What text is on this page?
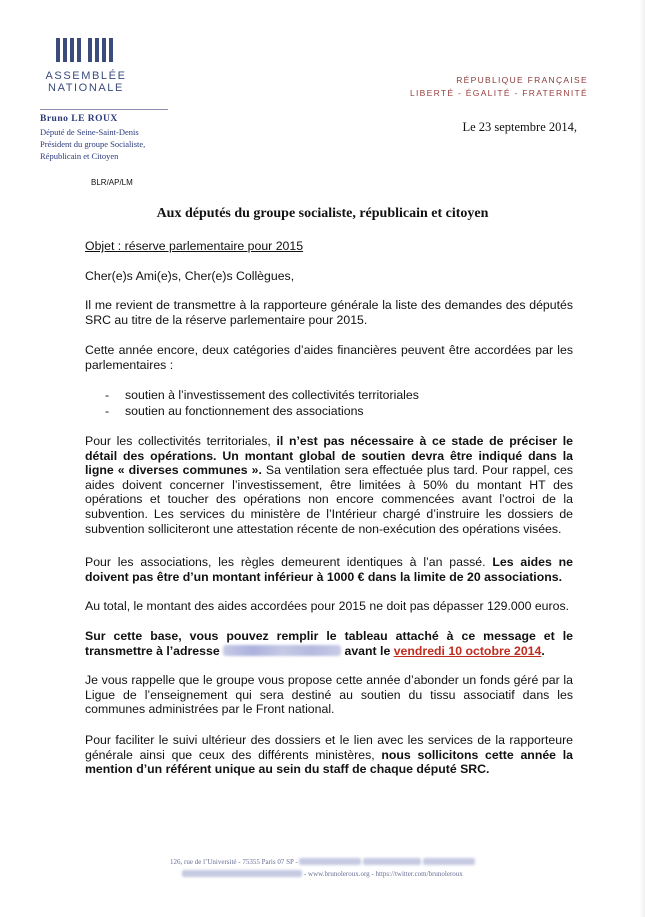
ASSEMBLÉE
NATIONALE
RÉPUBLIQUE FRANÇAISE
LIBERTÉ - ÉGALITÉ - FRATERNITÉ
Bruno LE ROUX
Député de Seine-Saint-Denis
Président du groupe Socialiste,
Républicain et Citoyen
Le 23 septembre 2014,
BLR/AP/LM
Aux députés du groupe socialiste, républicain et citoyen
Objet : réserve parlementaire pour 2015
Cher(e)s Ami(e)s, Cher(e)s Collègues,
Il me revient de transmettre à la rapporteure générale la liste des demandes des députés SRC au titre de la réserve parlementaire pour 2015.
Cette année encore, deux catégories d’aides financières peuvent être accordées par les parlementaires :
- soutien à l’investissement des collectivités territoriales
- soutien au fonctionnement des associations
Pour les collectivités territoriales, il n’est pas nécessaire à ce stade de préciser le détail des opérations. Un montant global de soutien devra être indiqué dans la ligne « diverses communes ». Sa ventilation sera effectuée plus tard. Pour rappel, ces aides doivent concerner l’investissement, être limitées à 50% du montant HT des opérations et toucher des opérations non encore commencées avant l’octroi de la subvention. Les services du ministère de l’Intérieur chargé d’instruire les dossiers de subvention solliciteront une attestation récente de non-exécution des opérations visées.
Pour les associations, les règles demeurent identiques à l’an passé. Les aides ne doivent pas être d’un montant inférieur à 1000 € dans la limite de 20 associations.
Au total, le montant des aides accordées pour 2015 ne doit pas dépasser 129.000 euros.
Sur cette base, vous pouvez remplir le tableau attaché à ce message et le transmettre à l’adresse	avant le vendredi 10 octobre 2014.
Je vous rappelle que le groupe vous propose cette année d’abonder un fonds géré par la Ligue de l’enseignement qui sera destiné au soutien du tissu associatif dans les communes administrées par le Front national.
Pour faciliter le suivi ultérieur des dossiers et le lien avec les services de la rapporteure générale ainsi que ceux des différents ministères, nous sollicitons cette année la mention d’un référent unique au sein du staff de chaque député SRC.
126, rue de l’Université - 75355 Paris 07 SP -
- www.brunoleroux.org - https://twitter.com/brunoleroux
